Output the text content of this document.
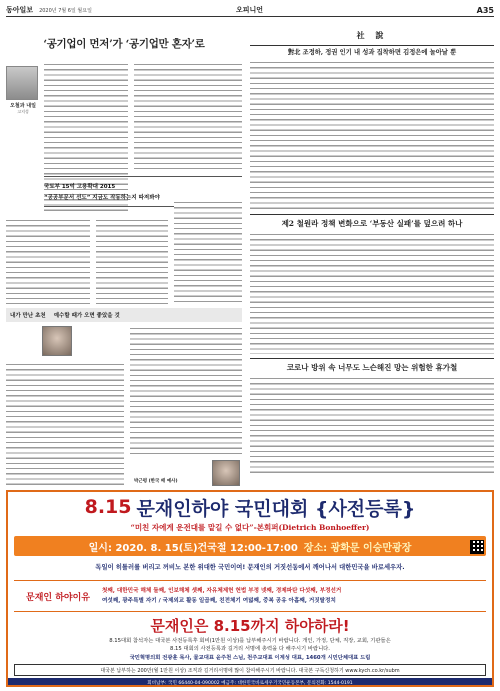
동아일보 2020년 7월 6일 월요일	오피니언	A35
‘공기업이 먼저’가 ‘공기업만 혼자’로
오철과 내일
고지성
국토부 15억 고용확대 2015
“공공부문서 선도” 지금도 작동하는지 따져봐야
내가 만난 초천 예수할 때가 오면 좋았을 것
박근평 (한국 배 예사)
社 說
對北 조정하, 정권 인기 내 성과 집착하면 김정은에 놀아날 뿐
제2 철원라 정책 변화으로 ‘부동산 실패’를 덮으려 하나
코로나 방위 속 너무도 느슨해진 망는 위험한 휴가철
8.15 문재인하야 국민대회 {사전등록}
“미친 자에게 운전대를 맡길 수 없다”-본회퍼(Dietrich Bonhoeffer)
일시: 2020. 8. 15(토)건국절 12:00-17:00 장소: 광화문 이승만광장
독일이 히틀러를 버리고 꺼비노 본한 위대한 국민이여! 문재인의 거짓선동에서 깨어나서 대한민국을 바로세우자.
문재인 하야이유
첫째, 대한민국 해체 둘째, 인보해체 셋째, 자유체제헌 헌법 부정 넷째, 경제파탄 다섯째, 부정선거
여섯째, 광주특별 자기 / 국제외교 활동 일곱째, 친전체기 여덟째, 중복 공유 아홉째, 거짓탈정치
문재인은 8.15까지 하야하라!
8.15대회 참석자는 대국본 사전등록후 회비(1만원 이상)를 납부해주시기 바랍니다. 개인, 가정, 단체, 직장, 교회, 기관들은
8.15 대회의 사전등록과 길거리 서명에 총력을 다 해주시기 바랍니다.
국민혁명의회 전광훈 목사, 물교대표 윤주천 스님, 천주교대표 이계성 대표, 1460개 시민단체대표 드림
대국본 납부하는 200만(월 1만원 이상) 조직과 길거리서명에 많이 참여해주시기 바랍니다. 대국본 구독신청하기 www.kych.co.kr/subm
회비납부: 국민 66440-04-090002 예금주: 대한민국바로세우기국민운동본부, 문의전화: 1544-0191
